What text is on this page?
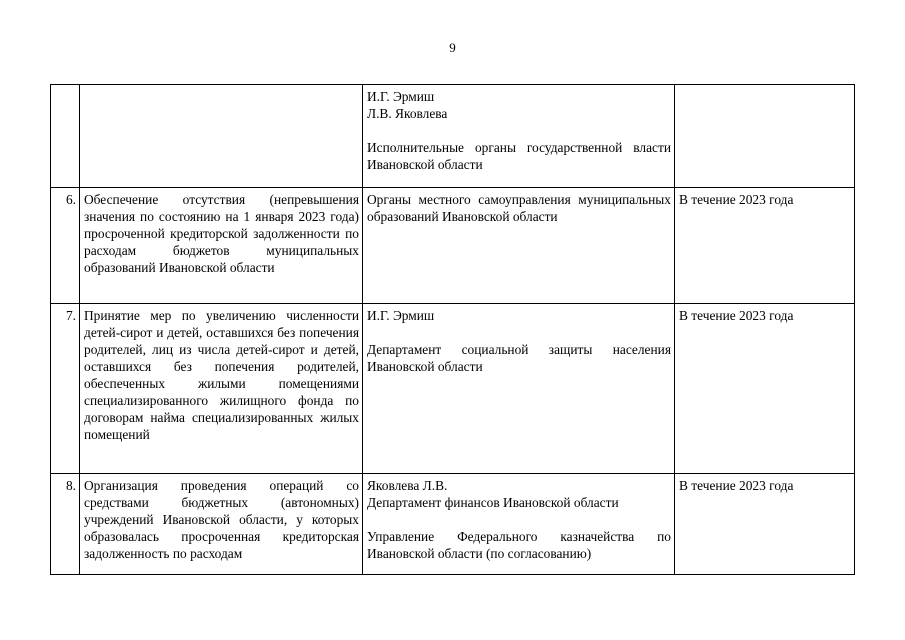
9

		И.Г. Эрмиш
Л.В. Яковлева
Исполнительные органы государственной власти Ивановской области	

6.	Обеспечение отсутствия (непревышения значения по состоянию на 1 января 2023 года) просроченной кредиторской задолженности по расходам бюджетов муниципальных образований Ивановской области	Органы местного самоуправления муниципальных образований Ивановской области	В течение 2023 года
7.	Принятие мер по увеличению численности детей-сирот и детей, оставшихся без попечения родителей, лиц из числа детей-сирот и детей, оставшихся без попечения родителей, обеспеченных жилыми помещениями специализированного жилищного фонда по договорам найма специализированных жилых помещений	И.Г. Эрмиш
Департамент социальной защиты населения Ивановской области	В течение 2023 года
8.	Организация проведения операций со средствами бюджетных (автономных) учреждений Ивановской области, у которых образовалась просроченная кредиторская задолженность по расходам	Яковлева Л.В.
Департамент финансов Ивановской области
Управление Федерального казначейства по Ивановской области (по согласованию)	В течение 2023 года
